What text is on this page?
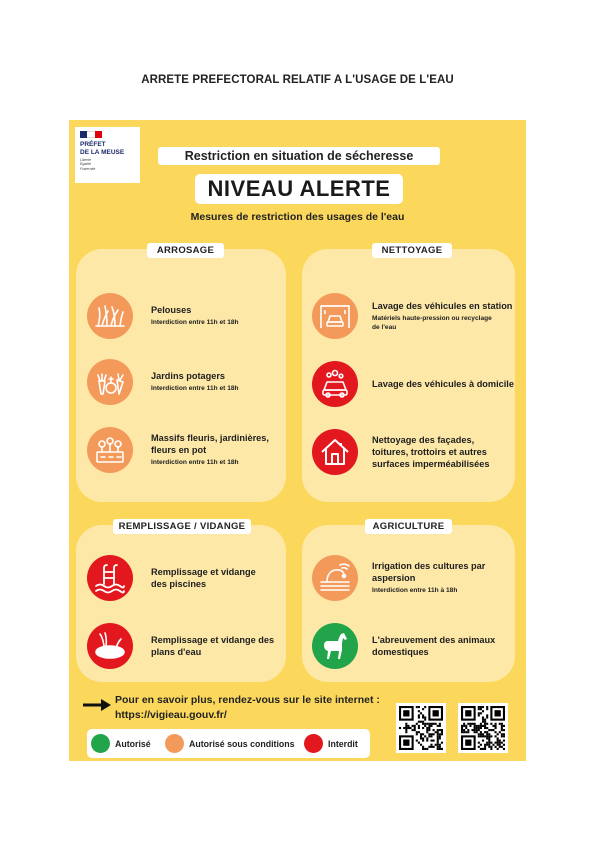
ARRETE PREFECTORAL RELATIF A L'USAGE DE L'EAU
PRÉFET
DE LA MEUSE
Liberté
Égalité
Fraternité
Restriction en situation de sécheresse
NIVEAU ALERTE
Mesures de restriction des usages de l'eau
ARROSAGE
Pelouses
Interdiction entre 11h et 18h
Jardins potagers
Interdiction entre 11h et 18h
Massifs fleuris, jardinières,
fleurs en pot
Interdiction entre 11h et 18h
NETTOYAGE
Lavage des véhicules en station
Matériels haute-pression ou recyclage
de l'eau
Lavage des véhicules à domicile
Nettoyage des façades,
toitures, trottoirs et autres
surfaces imperméabilisées
REMPLISSAGE / VIDANGE
Remplissage et vidange
des piscines
Remplissage et vidange des
plans d'eau
AGRICULTURE
Irrigation des cultures par
aspersion
Interdiction entre 11h à 18h
L'abreuvement des animaux
domestiques
Pour en savoir plus, rendez-vous sur le site internet :
https://vigieau.gouv.fr/
Autorisé	Autorisé sous conditions	Interdit
